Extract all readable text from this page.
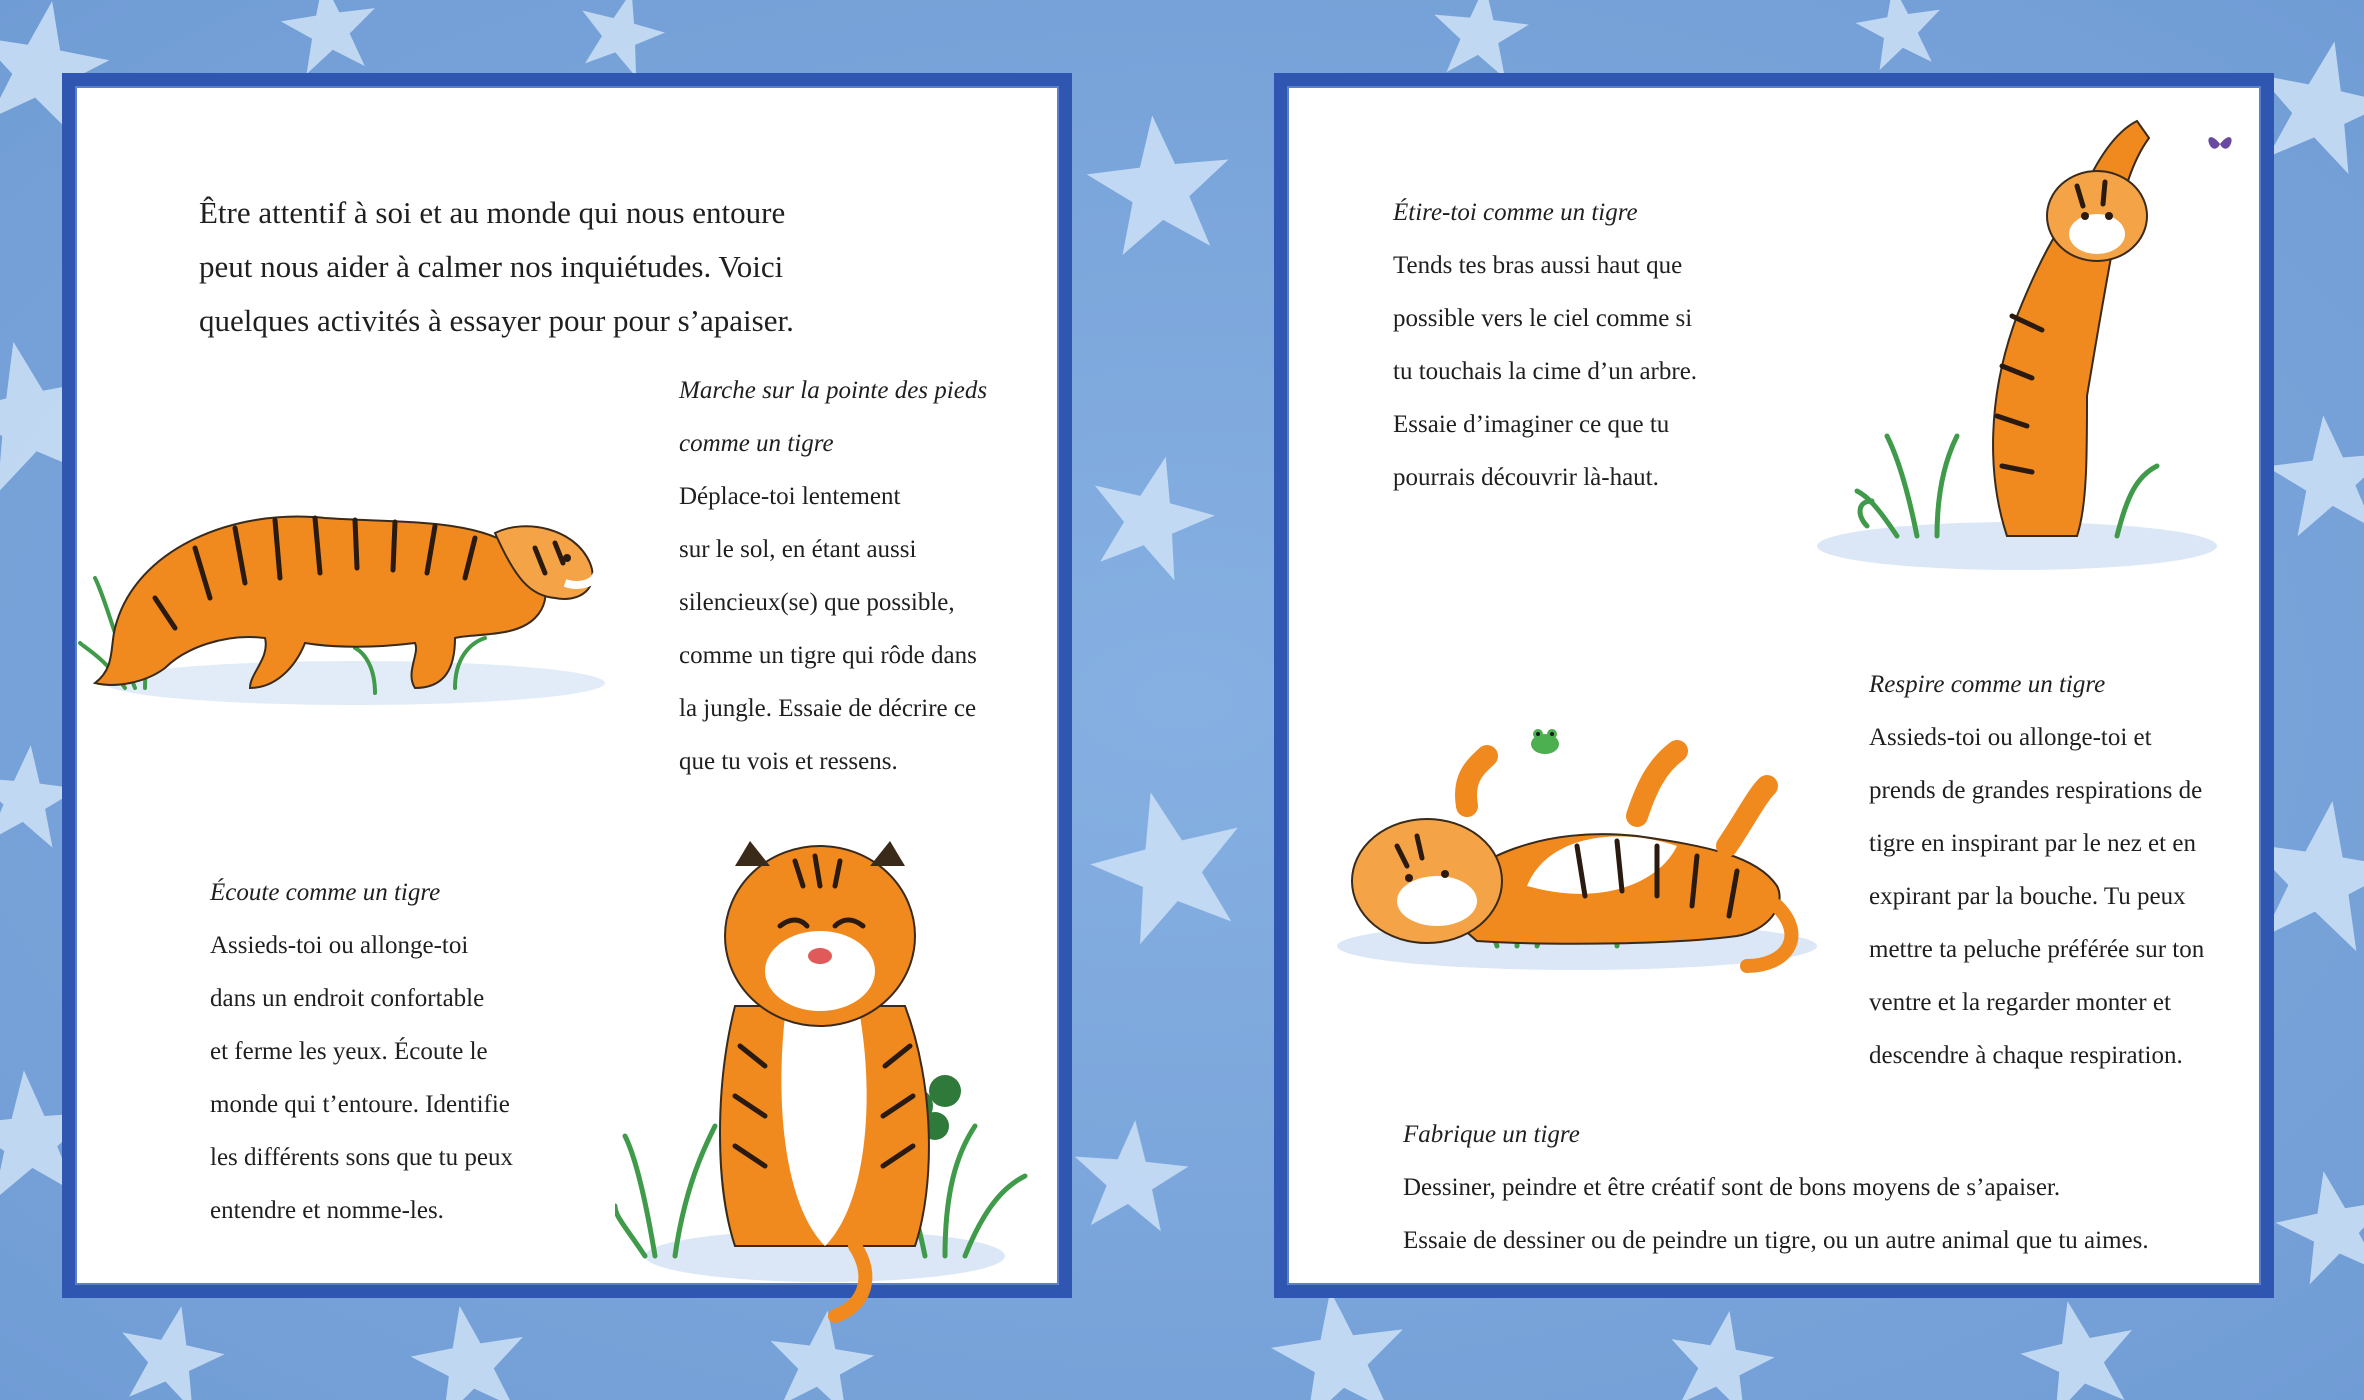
Être attentif à soi et au monde qui nous entoure
peut nous aider à calmer nos inquiétudes. Voici
quelques activités à essayer pour pour s’apaiser.
Marche sur la pointe des pieds
comme un tigre
Déplace-toi lentement
sur le sol, en étant aussi
silencieux(se) que possible,
comme un tigre qui rôde dans
la jungle. Essaie de décrire ce
que tu vois et ressens.
Écoute comme un tigre
Assieds-toi ou allonge-toi
dans un endroit confortable
et ferme les yeux. Écoute le
monde qui t’entoure. Identifie
les différents sons que tu peux
entendre et nomme-les.
Étire-toi comme un tigre
Tends tes bras aussi haut que
possible vers le ciel comme si
tu touchais la cime d’un arbre.
Essaie d’imaginer ce que tu
pourrais découvrir là-haut.
Respire comme un tigre
Assieds-toi ou allonge-toi et
prends de grandes respirations de
tigre en inspirant par le nez et en
expirant par la bouche. Tu peux
mettre ta peluche préférée sur ton
ventre et la regarder monter et
descendre à chaque respiration.
Fabrique un tigre
Dessiner, peindre et être créatif sont de bons moyens de s’apaiser.
Essaie de dessiner ou de peindre un tigre, ou un autre animal que tu aimes.
